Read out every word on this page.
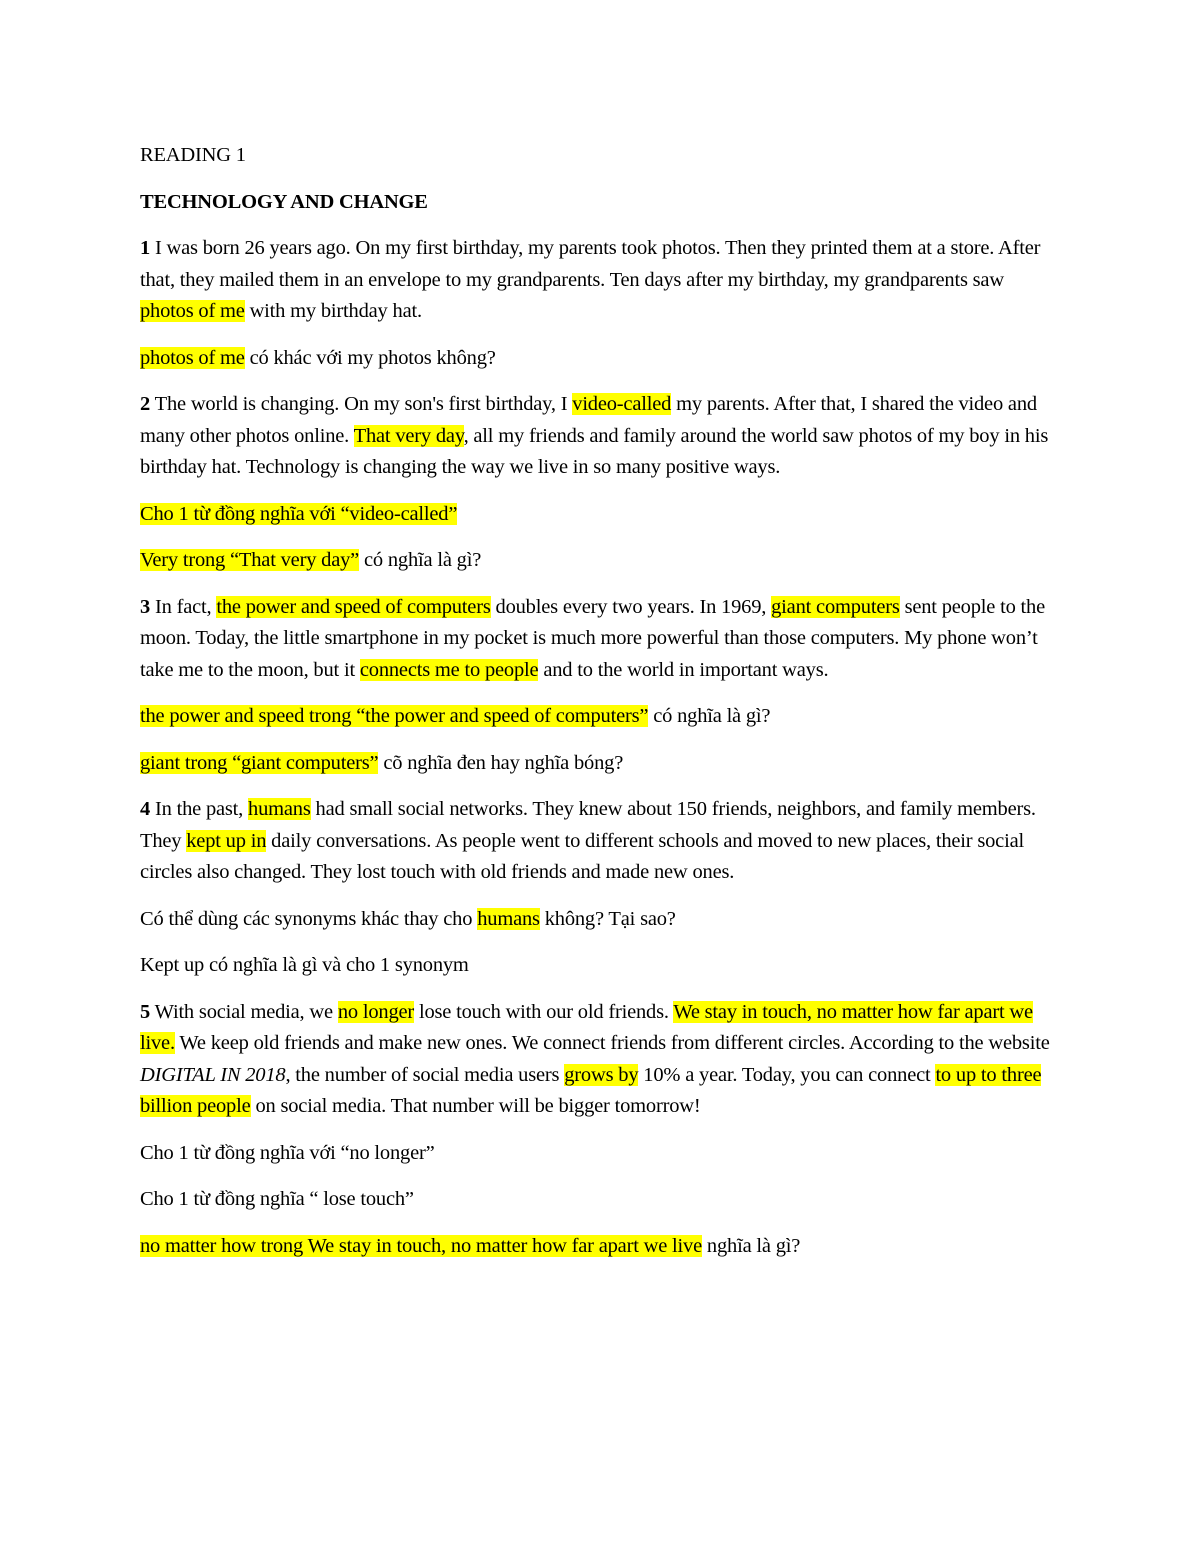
READING 1

TECHNOLOGY AND CHANGE

1 I was born 26 years ago. On my first birthday, my parents took photos. Then they printed them at a store. After that, they mailed them in an envelope to my grandparents. Ten days after my birthday, my grandparents saw photos of me with my birthday hat.

photos of me có khác với my photos không?

2 The world is changing. On my son's first birthday, I video-called my parents. After that, I shared the video and many other photos online. That very day, all my friends and family around the world saw photos of my boy in his birthday hat. Technology is changing the way we live in so many positive ways.

Cho 1 từ đồng nghĩa với “video-called”

Very trong “That very day” có nghĩa là gì?

3 In fact, the power and speed of computers doubles every two years. In 1969, giant computers sent people to the moon. Today, the little smartphone in my pocket is much more powerful than those computers. My phone won’t take me to the moon, but it connects me to people and to the world in important ways.

the power and speed trong “the power and speed of computers” có nghĩa là gì?

giant trong “giant computers” cõ nghĩa đen hay nghĩa bóng?

4 In the past, humans had small social networks. They knew about 150 friends, neighbors, and family members. They kept up in daily conversations. As people went to different schools and moved to new places, their social circles also changed. They lost touch with old friends and made new ones.

Có thể dùng các synonyms khác thay cho humans không? Tại sao?

Kept up có nghĩa là gì và cho 1 synonym

5 With social media, we no longer lose touch with our old friends. We stay in touch, no matter how far apart we live. We keep old friends and make new ones. We connect friends from different circles. According to the website DIGITAL IN 2018, the number of social media users grows by 10% a year. Today, you can connect to up to three billion people on social media. That number will be bigger tomorrow!

Cho 1 từ đồng nghĩa với “no longer”

Cho 1 từ đồng nghĩa “ lose touch”

no matter how trong We stay in touch, no matter how far apart we live nghĩa là gì?
